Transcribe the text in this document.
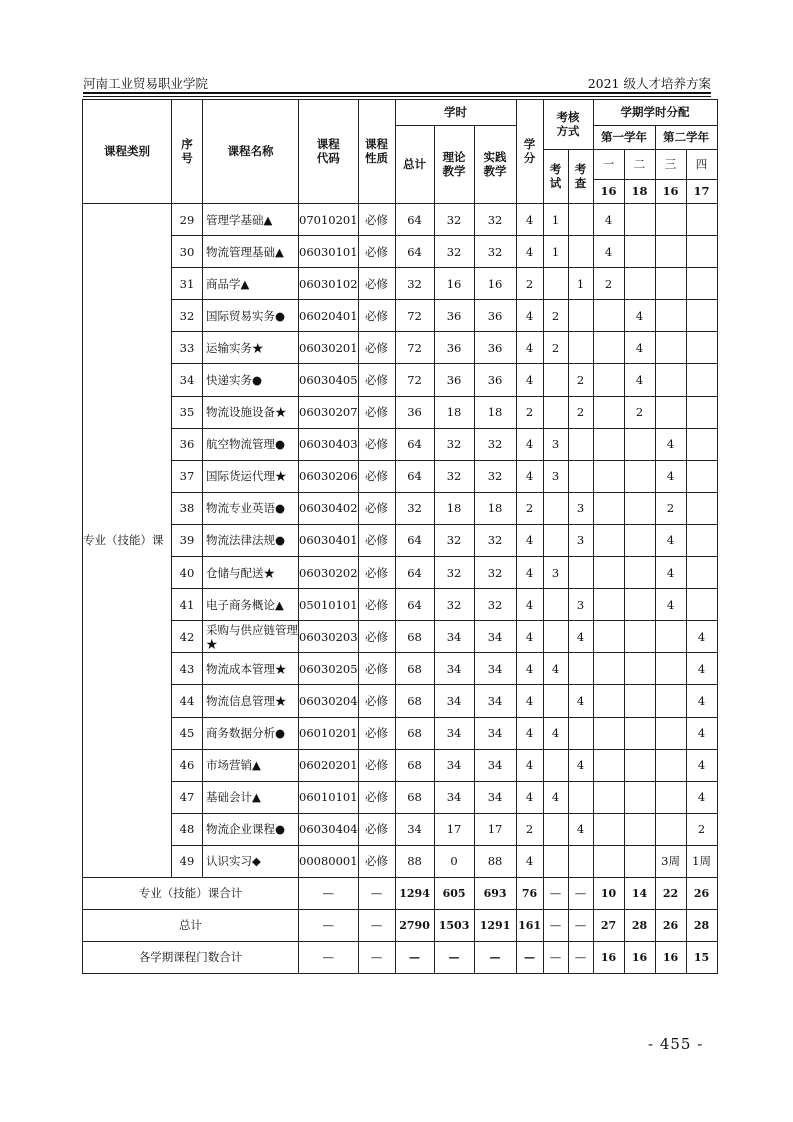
河南工业贸易职业学院	2021 级人才培养方案
课程类别	序号	课程名称	课程代码	课程性质	学时			学分	考核方式		学期学时分配			
					总计	理论教学	实践教学				第一学年		第二学年	
									考试	考查	一	二	三	四
											16	18	16	17
专业（技能）课	29	管理学基础▲	07010201	必修	64	32	32	4	1		4			
	30	物流管理基础▲	06030101	必修	64	32	32	4	1		4			
	31	商品学▲	06030102	必修	32	16	16	2		1	2			
	32	国际贸易实务●	06020401	必修	72	36	36	4	2			4		
	33	运输实务★	06030201	必修	72	36	36	4	2			4		
	34	快递实务●	06030405	必修	72	36	36	4		2		4		
	35	物流设施设备★	06030207	必修	36	18	18	2		2		2		
	36	航空物流管理●	06030403	必修	64	32	32	4	3				4	
	37	国际货运代理★	06030206	必修	64	32	32	4	3				4	
	38	物流专业英语●	06030402	必修	32	18	18	2		3			2	
	39	物流法律法规●	06030401	必修	64	32	32	4		3			4	
	40	仓储与配送★	06030202	必修	64	32	32	4	3				4	
	41	电子商务概论▲	05010101	必修	64	32	32	4		3			4	
	42	采购与供应链管理★	06030203	必修	68	34	34	4		4				4
	43	物流成本管理★	06030205	必修	68	34	34	4	4					4
	44	物流信息管理★	06030204	必修	68	34	34	4		4				4
	45	商务数据分析●	06010201	必修	68	34	34	4	4					4
	46	市场营销▲	06020201	必修	68	34	34	4		4				4
	47	基础会计▲	06010101	必修	68	34	34	4	4					4
	48	物流企业课程●	06030404	必修	34	17	17	2		4				2
	49	认识实习◆	00080001	必修	88	0	88	4					3周	1周
专业（技能）课合计			—	—	1294	605	693	76	—	—	10	14	22	26
总计			—	—	2790	1503	1291	161	—	—	27	28	26	28
各学期课程门数合计			—	—	—	—	—	—	—	—	16	16	16	15
- 455 -
